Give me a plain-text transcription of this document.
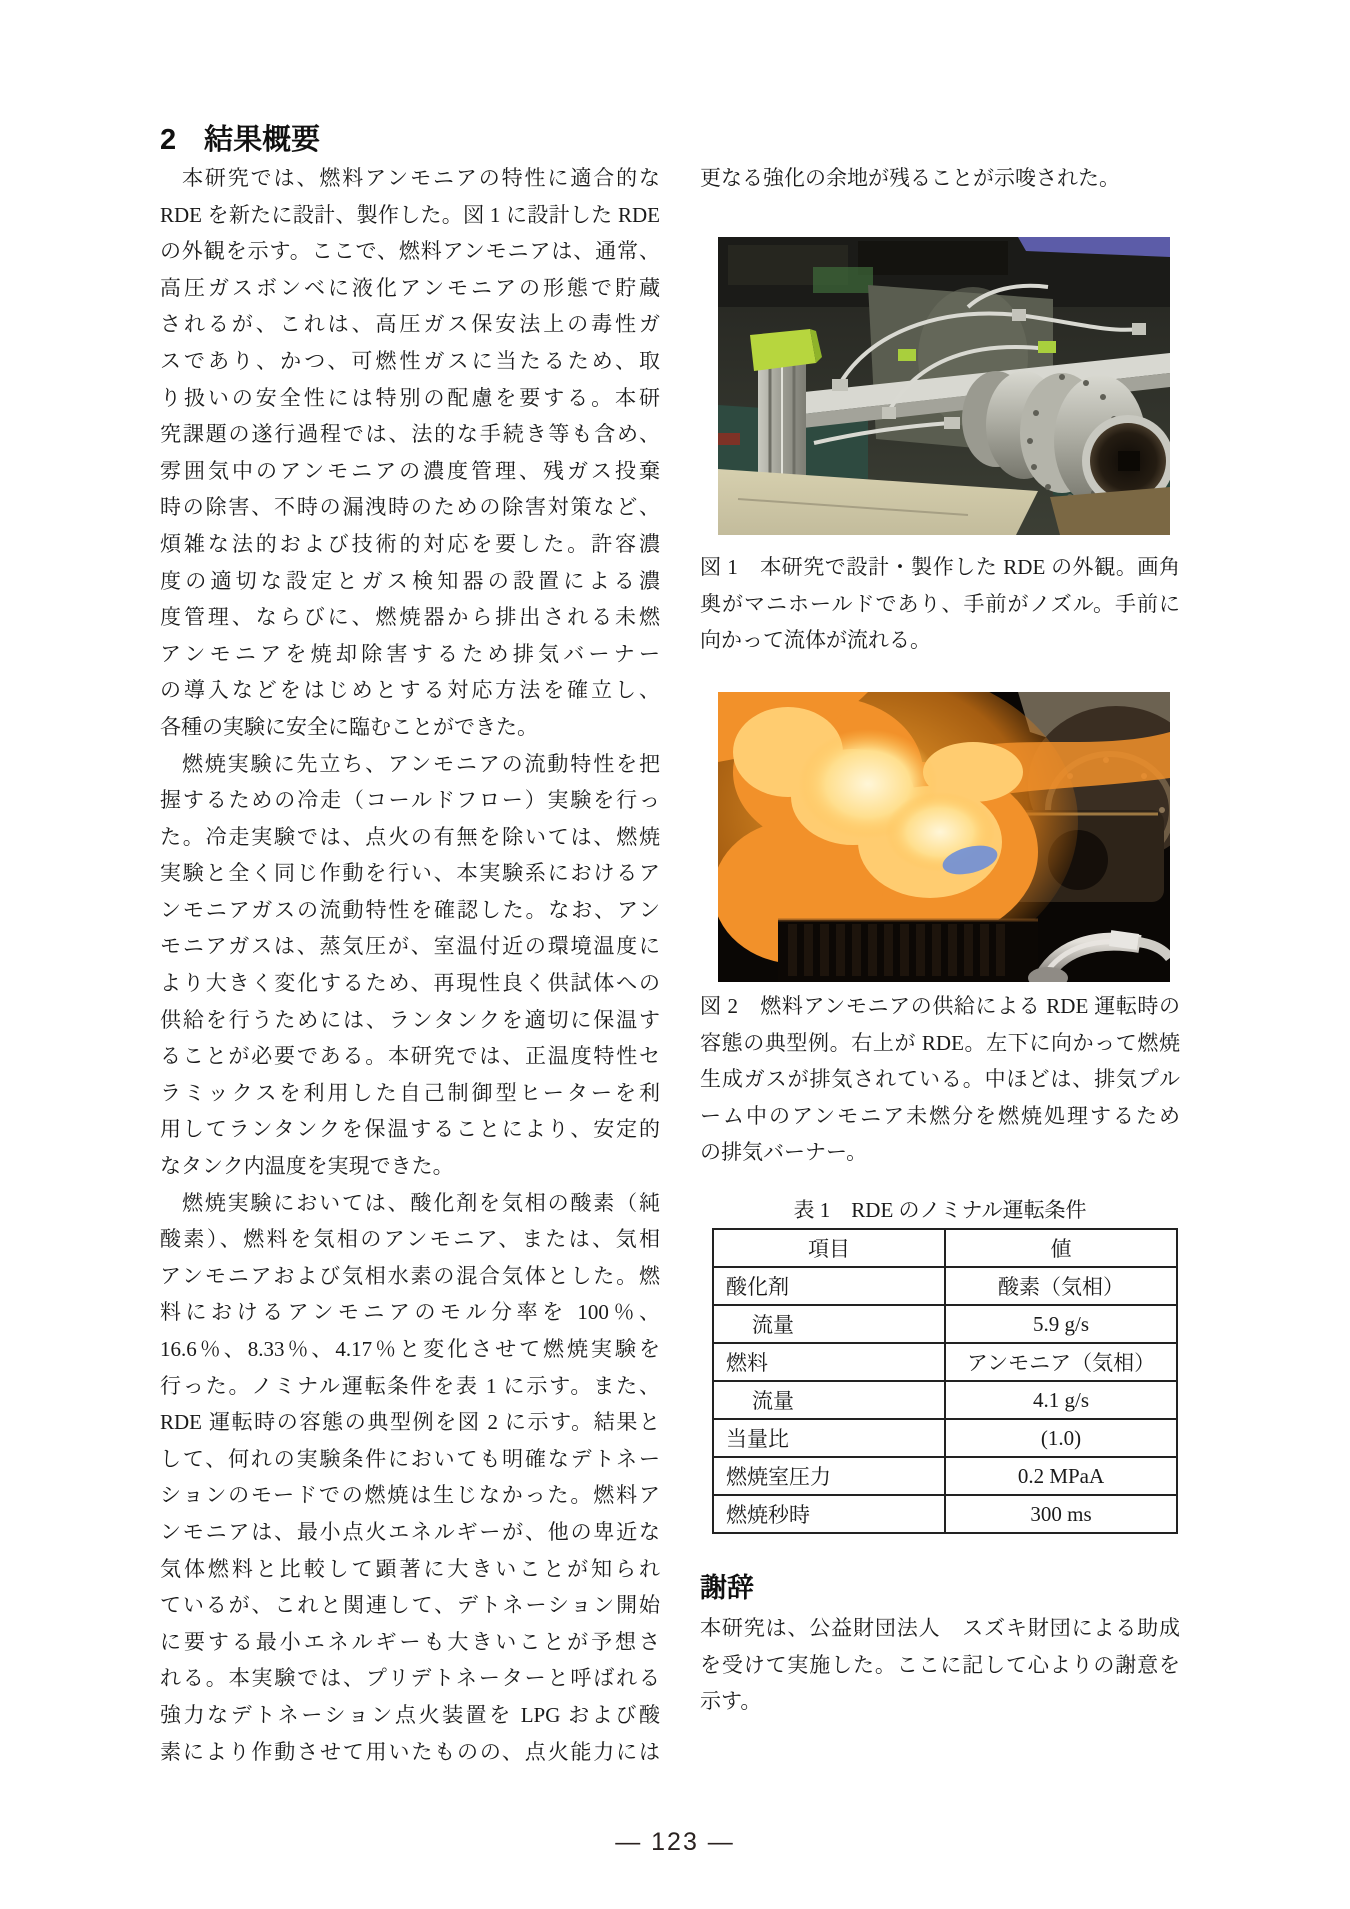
2 結果概要
本研究では、燃料アンモニアの特性に適合的な
RDE を新たに設計、製作した。図 1 に設計した RDE
の外観を示す。ここで、燃料アンモニアは、通常、
高圧ガスボンベに液化アンモニアの形態で貯蔵
されるが、これは、高圧ガス保安法上の毒性ガ
スであり、かつ、可燃性ガスに当たるため、取
り扱いの安全性には特別の配慮を要する。本研
究課題の遂行過程では、法的な手続き等も含め、
雰囲気中のアンモニアの濃度管理、残ガス投棄
時の除害、不時の漏洩時のための除害対策など、
煩雑な法的および技術的対応を要した。許容濃
度の適切な設定とガス検知器の設置による濃
度管理、ならびに、燃焼器から排出される未燃
アンモニアを焼却除害するため排気バーナー
の導入などをはじめとする対応方法を確立し、
各種の実験に安全に臨むことができた。
燃焼実験に先立ち、アンモニアの流動特性を把
握するための冷走（コールドフロー）実験を行っ
た。冷走実験では、点火の有無を除いては、燃焼
実験と全く同じ作動を行い、本実験系におけるア
ンモニアガスの流動特性を確認した。なお、アン
モニアガスは、蒸気圧が、室温付近の環境温度に
より大きく変化するため、再現性良く供試体への
供給を行うためには、ランタンクを適切に保温す
ることが必要である。本研究では、正温度特性セ
ラミックスを利用した自己制御型ヒーターを利
用してランタンクを保温することにより、安定的
なタンク内温度を実現できた。
燃焼実験においては、酸化剤を気相の酸素（純
酸素）、燃料を気相のアンモニア、または、気相
アンモニアおよび気相水素の混合気体とした。燃
料におけるアンモニアのモル分率を 100％、
16.6％、8.33％、4.17％と変化させて燃焼実験を
行った。ノミナル運転条件を表 1 に示す。また、
RDE 運転時の容態の典型例を図 2 に示す。結果と
して、何れの実験条件においても明確なデトネー
ションのモードでの燃焼は生じなかった。燃料ア
ンモニアは、最小点火エネルギーが、他の卑近な
気体燃料と比較して顕著に大きいことが知られ
ているが、これと関連して、デトネーション開始
に要する最小エネルギーも大きいことが予想さ
れる。本実験では、プリデトネーターと呼ばれる
強力なデトネーション点火装置を LPG および酸
素により作動させて用いたものの、点火能力には
更なる強化の余地が残ることが示唆された。
図 1　本研究で設計・製作した RDE の外観。画角
奥がマニホールドであり、手前がノズル。手前に
向かって流体が流れる。
図 2　燃料アンモニアの供給による RDE 運転時の
容態の典型例。右上が RDE。左下に向かって燃焼
生成ガスが排気されている。中ほどは、排気プル
ーム中のアンモニア未燃分を燃焼処理するため
の排気バーナー。
表 1　RDE のノミナル運転条件
項目	値
酸化剤	酸素（気相）
流量	5.9 g/s
燃料	アンモニア（気相）
流量	4.1 g/s
当量比	(1.0)
燃焼室圧力	0.2 MPaA
燃焼秒時	300 ms
謝辞
本研究は、公益財団法人　スズキ財団による助成
を受けて実施した。ここに記して心よりの謝意を
示す。
— 123 —
